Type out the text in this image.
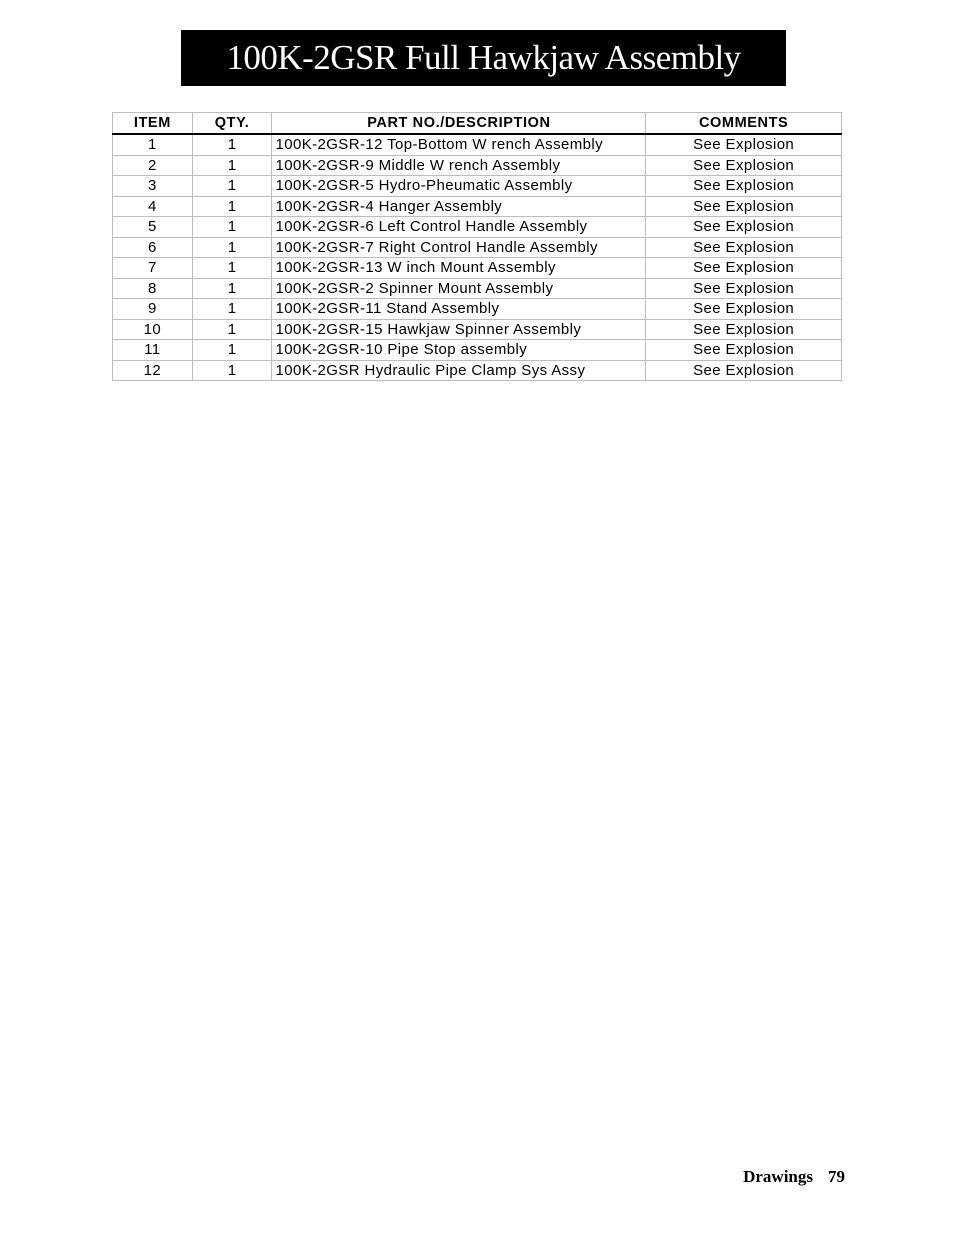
100K-2GSR Full Hawkjaw Assembly
ITEM	QTY.	PART NO./DESCRIPTION	COMMENTS
1	1	100K-2GSR-12 Top-Bottom W rench Assembly	See Explosion
2	1	100K-2GSR-9 Middle W rench Assembly	See Explosion
3	1	100K-2GSR-5 Hydro-Pheumatic Assembly	See Explosion
4	1	100K-2GSR-4 Hanger Assembly	See Explosion
5	1	100K-2GSR-6 Left Control Handle Assembly	See Explosion
6	1	100K-2GSR-7 Right Control Handle Assembly	See Explosion
7	1	100K-2GSR-13 W inch Mount Assembly	See Explosion
8	1	100K-2GSR-2 Spinner Mount Assembly	See Explosion
9	1	100K-2GSR-11 Stand Assembly	See Explosion
10	1	100K-2GSR-15 Hawkjaw Spinner Assembly	See Explosion
11	1	100K-2GSR-10 Pipe Stop assembly	See Explosion
12	1	100K-2GSR Hydraulic Pipe Clamp Sys Assy	See Explosion
Drawings 79
